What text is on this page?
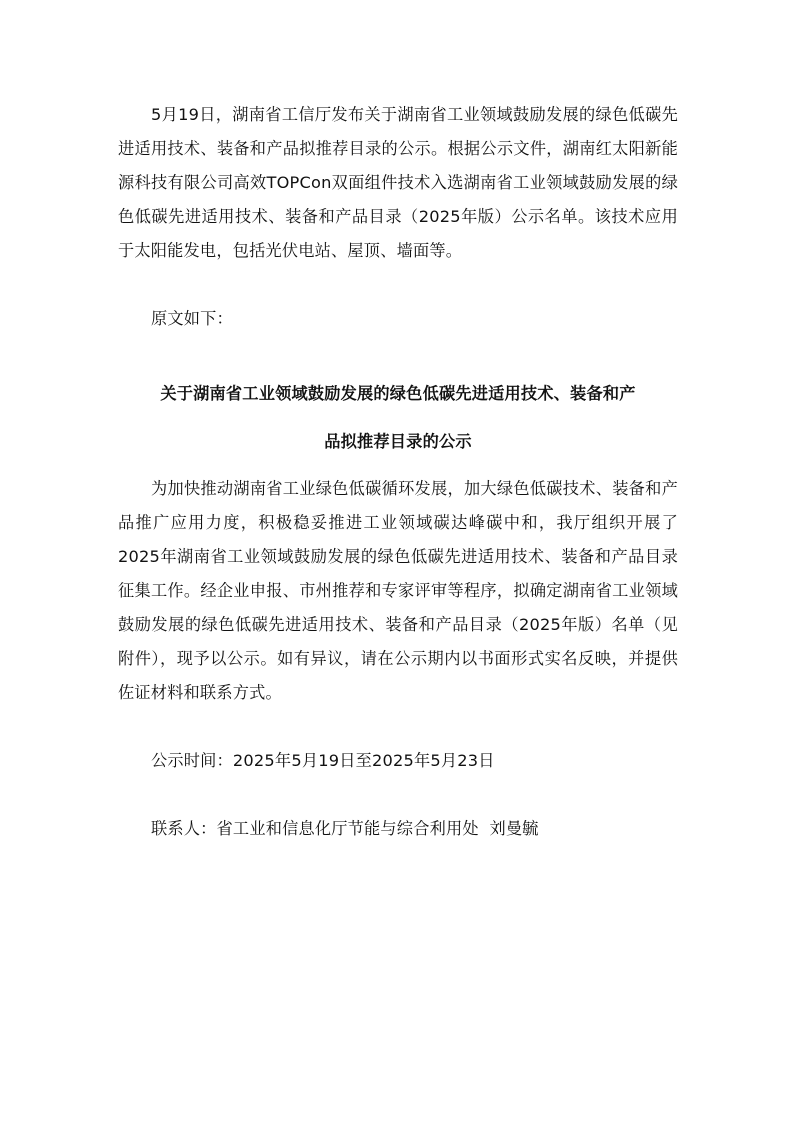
5月19日，湖南省工信厅发布关于湖南省工业领域鼓励发展的绿色低碳先进适用技术、装备和产品拟推荐目录的公示。根据公示文件，湖南红太阳新能源科技有限公司高效TOPCon双面组件技术入选湖南省工业领域鼓励发展的绿色低碳先进适用技术、装备和产品目录（2025年版）公示名单。该技术应用于太阳能发电，包括光伏电站、屋顶、墙面等。

原文如下：

关于湖南省工业领域鼓励发展的绿色低碳先进适用技术、装备和产
品拟推荐目录的公示

为加快推动湖南省工业绿色低碳循环发展，加大绿色低碳技术、装备和产品推广应用力度，积极稳妥推进工业领域碳达峰碳中和，我厅组织开展了2025年湖南省工业领域鼓励发展的绿色低碳先进适用技术、装备和产品目录征集工作。经企业申报、市州推荐和专家评审等程序，拟确定湖南省工业领域鼓励发展的绿色低碳先进适用技术、装备和产品目录（2025年版）名单（见附件），现予以公示。如有异议，请在公示期内以书面形式实名反映，并提供佐证材料和联系方式。

公示时间：2025年5月19日至2025年5月23日

联系人：省工业和信息化厅节能与综合利用处  刘曼毓
